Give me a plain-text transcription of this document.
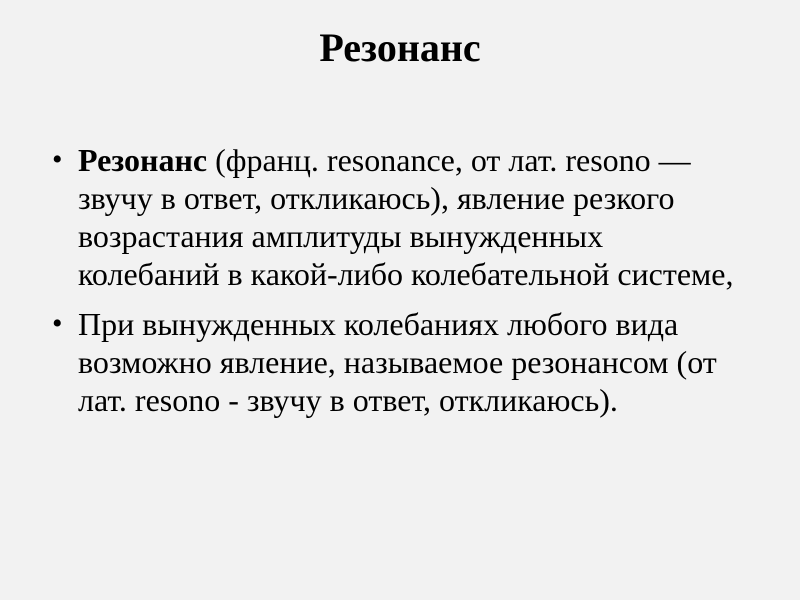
Резонанс
• Резонанс (франц. resonance, от лат. resono — звучу в ответ, откликаюсь), явление резкого возрастания амплитуды вынужденных колебаний в какой-либо колебательной системе,
• При вынужденных колебаниях любого вида возможно явление, называемое резонансом (от лат. resono - звучу в ответ, откликаюсь).
